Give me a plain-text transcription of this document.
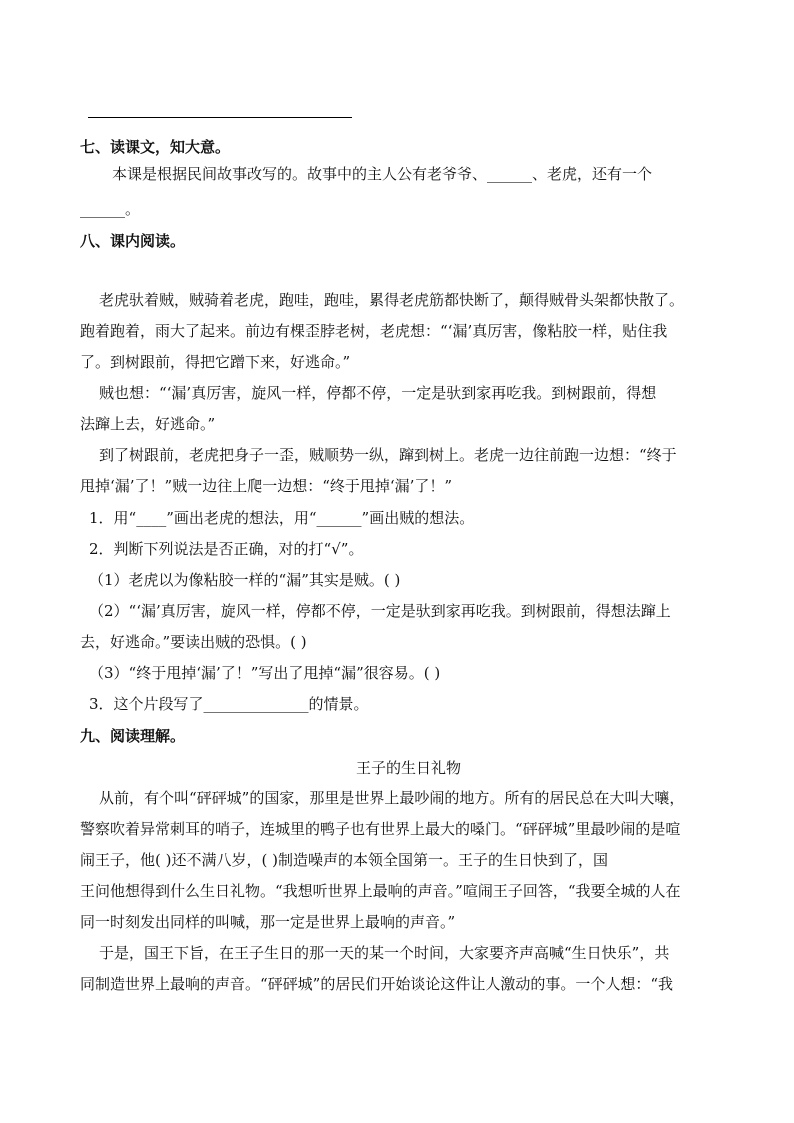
七、读课文，知大意。
本课是根据民间故事改写的。故事中的主人公有老爷爷、______、老虎，还有一个
______。
八、课内阅读。
老虎驮着贼，贼骑着老虎，跑哇，跑哇，累得老虎筋都快断了，颠得贼骨头架都快散了。
跑着跑着，雨大了起来。前边有棵歪脖老树，老虎想：“‘漏’真厉害，像粘胶一样，贴住我
了。到树跟前，得把它蹭下来，好逃命。”
贼也想：“‘漏’真厉害，旋风一样，停都不停，一定是驮到家再吃我。到树跟前，得想
法蹿上去，好逃命。”
到了树跟前，老虎把身子一歪，贼顺势一纵，蹿到树上。老虎一边往前跑一边想：“终于
甩掉‘漏’了！”贼一边往上爬一边想：“终于甩掉‘漏’了！”
1．用“____”画出老虎的想法，用“______”画出贼的想法。
2．判断下列说法是否正确，对的打“√”。
（1）老虎以为像粘胶一样的“漏”其实是贼。( )
（2）“‘漏’真厉害，旋风一样，停都不停，一定是驮到家再吃我。到树跟前，得想法蹿上
去，好逃命。”要读出贼的恐惧。( )
（3）“终于甩掉‘漏’了！”写出了甩掉“漏”很容易。( )
3．这个片段写了______________的情景。
九、阅读理解。
王子的生日礼物
从前，有个叫“砰砰城”的国家，那里是世界上最吵闹的地方。所有的居民总在大叫大嚷，
警察吹着异常刺耳的哨子，连城里的鸭子也有世界上最大的嗓门。“砰砰城”里最吵闹的是喧
闹王子，他( )还不满八岁，( )制造噪声的本领全国第一。王子的生日快到了，国
王问他想得到什么生日礼物。“我想听世界上最响的声音。”喧闹王子回答，“我要全城的人在
同一时刻发出同样的叫喊，那一定是世界上最响的声音。”
于是，国王下旨，在王子生日的那一天的某一个时间，大家要齐声高喊“生日快乐”，共
同制造世界上最响的声音。“砰砰城”的居民们开始谈论这件让人激动的事。一个人想：“我
